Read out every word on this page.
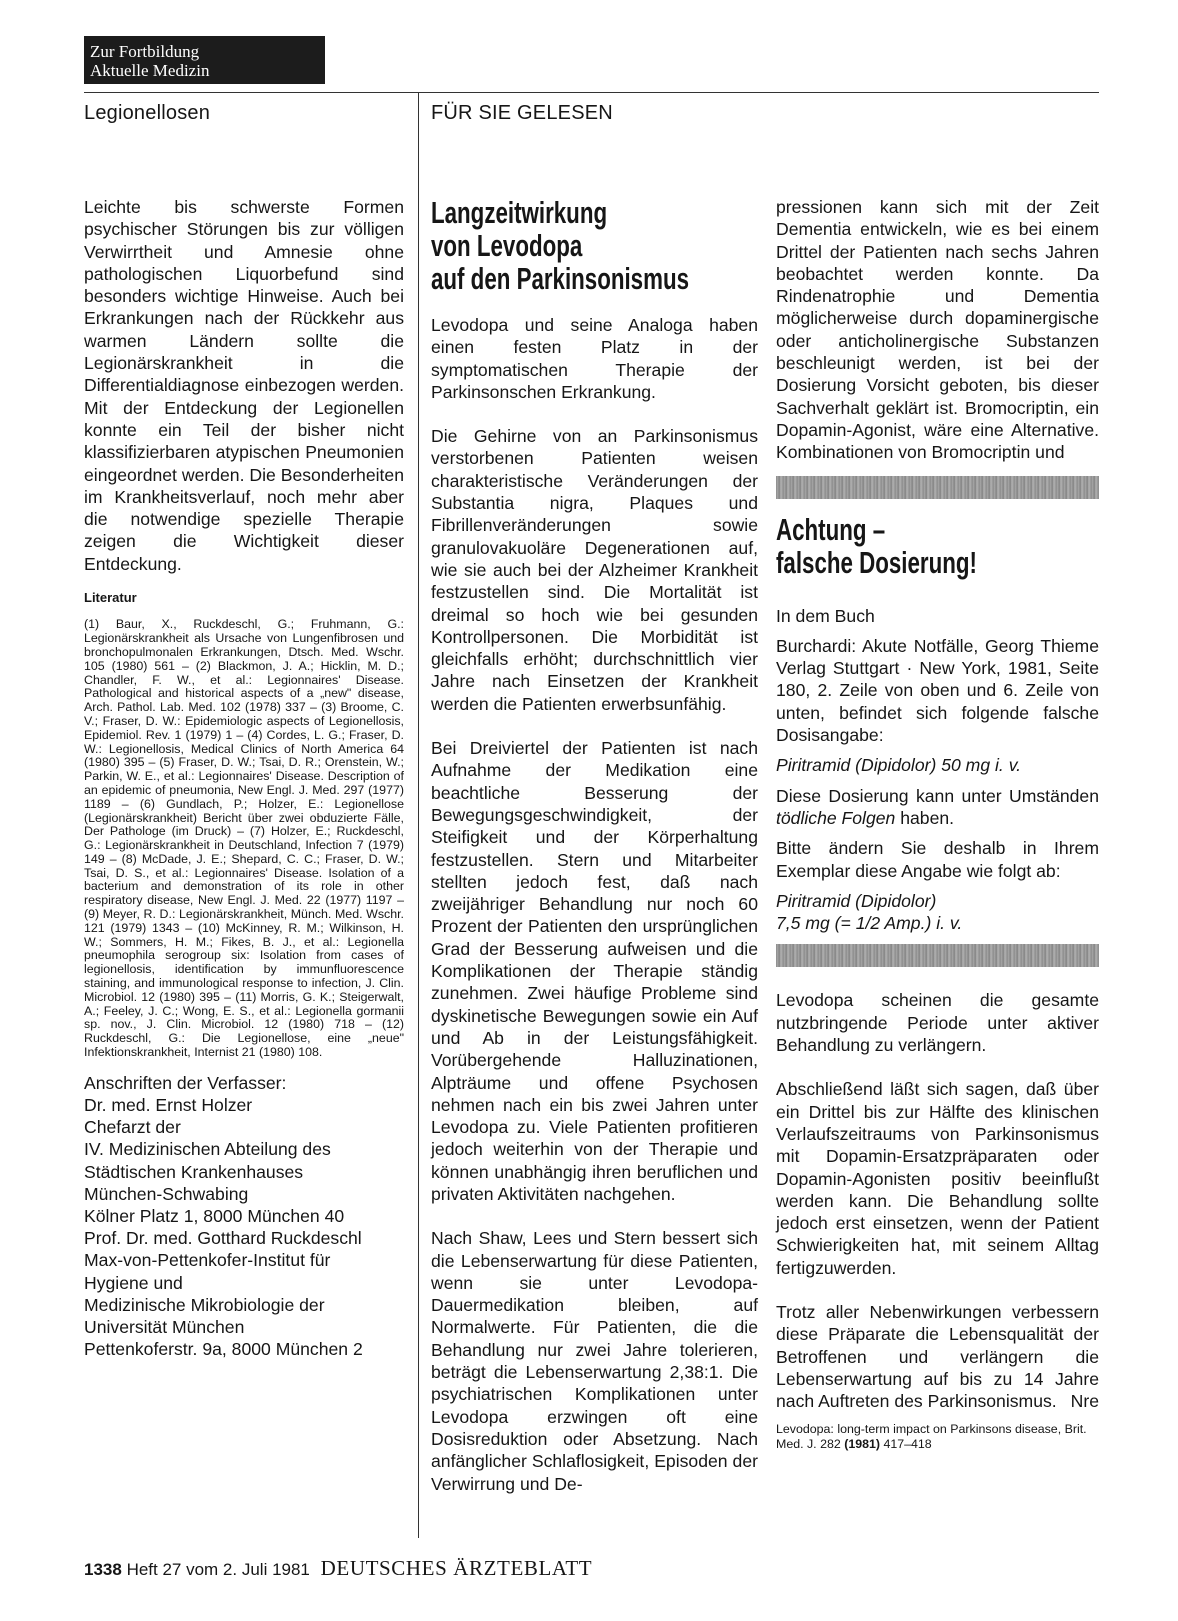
Zur Fortbildung
Aktuelle Medizin
Legionellosen	FÜR SIE GELESEN

Leichte bis schwerste Formen psychischer Störungen bis zur völligen Verwirrtheit und Amnesie ohne pathologischen Liquorbefund sind besonders wichtige Hinweise. Auch bei Erkrankungen nach der Rückkehr aus warmen Ländern sollte die Legionärskrankheit in die Differentialdiagnose einbezogen werden. Mit der Entdeckung der Legionellen konnte ein Teil der bisher nicht klassifizierbaren atypischen Pneumonien eingeordnet werden. Die Besonderheiten im Krankheitsverlauf, noch mehr aber die notwendige spezielle Therapie zeigen die Wichtigkeit dieser Entdeckung.

Literatur

(1) Baur, X., Ruckdeschl, G.; Fruhmann, G.: Legionärskrankheit als Ursache von Lungenfibrosen und bronchopulmonalen Erkrankungen, Dtsch. Med. Wschr. 105 (1980) 561 – (2) Blackmon, J. A.; Hicklin, M. D.; Chandler, F. W., et al.: Legionnaires' Disease. Pathological and historical aspects of a „new" disease, Arch. Pathol. Lab. Med. 102 (1978) 337 – (3) Broome, C. V.; Fraser, D. W.: Epidemiologic aspects of Legionellosis, Epidemiol. Rev. 1 (1979) 1 – (4) Cordes, L. G.; Fraser, D. W.: Legionellosis, Medical Clinics of North America 64 (1980) 395 – (5) Fraser, D. W.; Tsai, D. R.; Orenstein, W.; Parkin, W. E., et al.: Legionnaires' Disease. Description of an epidemic of pneumonia, New Engl. J. Med. 297 (1977) 1189 – (6) Gundlach, P.; Holzer, E.: Legionellose (Legionärskrankheit) Bericht über zwei obduzierte Fälle, Der Pathologe (im Druck) – (7) Holzer, E.; Ruckdeschl, G.: Legionärskrankheit in Deutschland, Infection 7 (1979) 149 – (8) McDade, J. E.; Shepard, C. C.; Fraser, D. W.; Tsai, D. S., et al.: Legionnaires' Disease. Isolation of a bacterium and demonstration of its role in other respiratory disease, New Engl. J. Med. 22 (1977) 1197 – (9) Meyer, R. D.: Legionärskrankheit, Münch. Med. Wschr. 121 (1979) 1343 – (10) McKinney, R. M.; Wilkinson, H. W.; Sommers, H. M.; Fikes, B. J., et al.: Legionella pneumophila serogroup six: Isolation from cases of legionellosis, identification by immunfluorescence staining, and immunological response to infection, J. Clin. Microbiol. 12 (1980) 395 – (11) Morris, G. K.; Steigerwalt, A.; Feeley, J. C.; Wong, E. S., et al.: Legionella gormanii sp. nov., J. Clin. Microbiol. 12 (1980) 718 – (12) Ruckdeschl, G.: Die Legionellose, eine „neue" Infektionskrankheit, Internist 21 (1980) 108.

Anschriften der Verfasser:
Dr. med. Ernst Holzer
Chefarzt der
IV. Medizinischen Abteilung des
Städtischen Krankenhauses
München-Schwabing
Kölner Platz 1, 8000 München 40
Prof. Dr. med. Gotthard Ruckdeschl
Max-von-Pettenkofer-Institut für
Hygiene und
Medizinische Mikrobiologie der
Universität München
Pettenkoferstr. 9a, 8000 München 2
Langzeitwirkung
von Levodopa
auf den Parkinsonismus

Levodopa und seine Analoga haben einen festen Platz in der symptomatischen Therapie der Parkinsonschen Erkrankung.

Die Gehirne von an Parkinsonismus verstorbenen Patienten weisen charakteristische Veränderungen der Substantia nigra, Plaques und Fibrillenveränderungen sowie granulovakuoläre Degenerationen auf, wie sie auch bei der Alzheimer Krankheit festzustellen sind. Die Mortalität ist dreimal so hoch wie bei gesunden Kontrollpersonen. Die Morbidität ist gleichfalls erhöht; durchschnittlich vier Jahre nach Einsetzen der Krankheit werden die Patienten erwerbsunfähig.

Bei Dreiviertel der Patienten ist nach Aufnahme der Medikation eine beachtliche Besserung der Bewegungsgeschwindigkeit, der Steifigkeit und der Körperhaltung festzustellen. Stern und Mitarbeiter stellten jedoch fest, daß nach zweijähriger Behandlung nur noch 60 Prozent der Patienten den ursprünglichen Grad der Besserung aufweisen und die Komplikationen der Therapie ständig zunehmen. Zwei häufige Probleme sind dyskinetische Bewegungen sowie ein Auf und Ab in der Leistungsfähigkeit. Vorübergehende Halluzinationen, Alpträume und offene Psychosen nehmen nach ein bis zwei Jahren unter Levodopa zu. Viele Patienten profitieren jedoch weiterhin von der Therapie und können unabhängig ihren beruflichen und privaten Aktivitäten nachgehen.

Nach Shaw, Lees und Stern bessert sich die Lebenserwartung für diese Patienten, wenn sie unter Levodopa-Dauermedikation bleiben, auf Normalwerte. Für Patienten, die die Behandlung nur zwei Jahre tolerieren, beträgt die Lebenserwartung 2,38:1. Die psychiatrischen Komplikationen unter Levodopa erzwingen oft eine Dosisreduktion oder Absetzung. Nach anfänglicher Schlaflosigkeit, Episoden der Verwirrung und De-

pressionen kann sich mit der Zeit Dementia entwickeln, wie es bei einem Drittel der Patienten nach sechs Jahren beobachtet werden konnte. Da Rindenatrophie und Dementia möglicherweise durch dopaminergische oder anticholinergische Substanzen beschleunigt werden, ist bei der Dosierung Vorsicht geboten, bis dieser Sachverhalt geklärt ist. Bromocriptin, ein Dopamin-Agonist, wäre eine Alternative. Kombinationen von Bromocriptin und

Achtung –
falsche Dosierung!

In dem Buch

Burchardi: Akute Notfälle, Georg Thieme Verlag Stuttgart · New York, 1981, Seite 180, 2. Zeile von oben und 6. Zeile von unten, befindet sich folgende falsche Dosisangabe:

Piritramid (Dipidolor) 50 mg i. v.

Diese Dosierung kann unter Umständen tödliche Folgen haben.

Bitte ändern Sie deshalb in Ihrem Exemplar diese Angabe wie folgt ab:

Piritramid (Dipidolor)

7,5 mg (= 1/2 Amp.) i. v.

Levodopa scheinen die gesamte nutzbringende Periode unter aktiver Behandlung zu verlängern.

Abschließend läßt sich sagen, daß über ein Drittel bis zur Hälfte des klinischen Verlaufszeitraums von Parkinsonismus mit Dopamin-Ersatzpräparaten oder Dopamin-Agonisten positiv beeinflußt werden kann. Die Behandlung sollte jedoch erst einsetzen, wenn der Patient Schwierigkeiten hat, mit seinem Alltag fertigzuwerden.

Trotz aller Nebenwirkungen verbessern diese Präparate die Lebensqualität der Betroffenen und verlängern die Lebenserwartung auf bis zu 14 Jahre nach Auftreten des Parkinsonismus. Nre

Levodopa: long-term impact on Parkinsons disease, Brit. Med. J. 282 (1981) 417–418
1338 Heft 27 vom 2. Juli 1981 DEUTSCHES ÄRZTEBLATT
